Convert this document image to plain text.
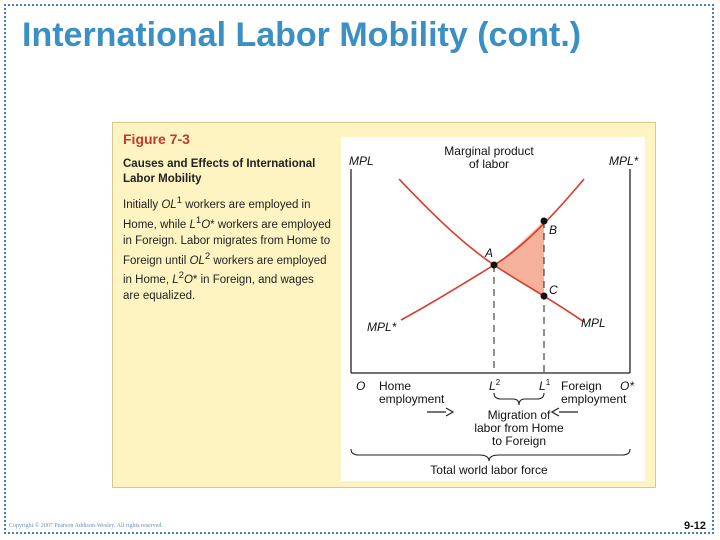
International Labor Mobility (cont.)
Figure 7-3
Causes and Effects of International Labor Mobility
Initially $OL^1$ workers are employed in Home, while $L^1O*$ workers are employed in Foreign. Labor migrates from Home to Foreign until $OL^2$ workers are employed in Home, $L^2O*$ in Foreign, and wages are equalized.
Marginal product
of labor
MPL	MPL*
A
B
C
MPL
MPL*
O	O*
Home
employment
Foreign
employment
$L^2$	$L^1$
Migration of
labor from Home
to Foreign
Total world labor force
Copyright © 2007 Pearson Addison-Wesley. All rights reserved.	9-12
